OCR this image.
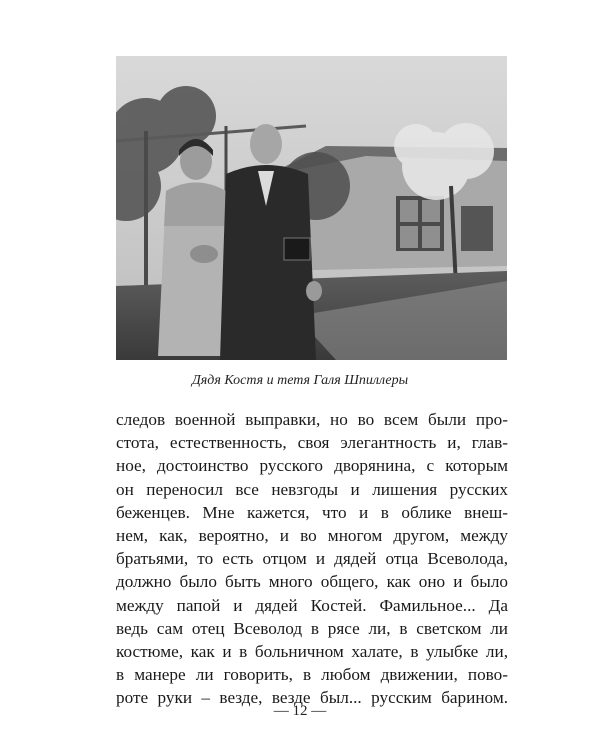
Дядя Костя и тетя Галя Шпиллеры
следов военной выправки, но во всем были про-
стота, естественность, своя элегантность и, глав-
ное, достоинство русского дворянина, с которым
он переносил все невзгоды и лишения русских
беженцев. Мне кажется, что и в облике внеш-
нем, как, вероятно, и во многом другом, между
братьями, то есть отцом и дядей отца Всеволода,
должно было быть много общего, как оно и было
между папой и дядей Костей. Фамильное... Да
ведь сам отец Всеволод в рясе ли, в светском ли
костюме, как и в больничном халате, в улыбке ли,
в манере ли говорить, в любом движении, пово-
роте руки – везде, везде был... русским барином.
— 12 —
